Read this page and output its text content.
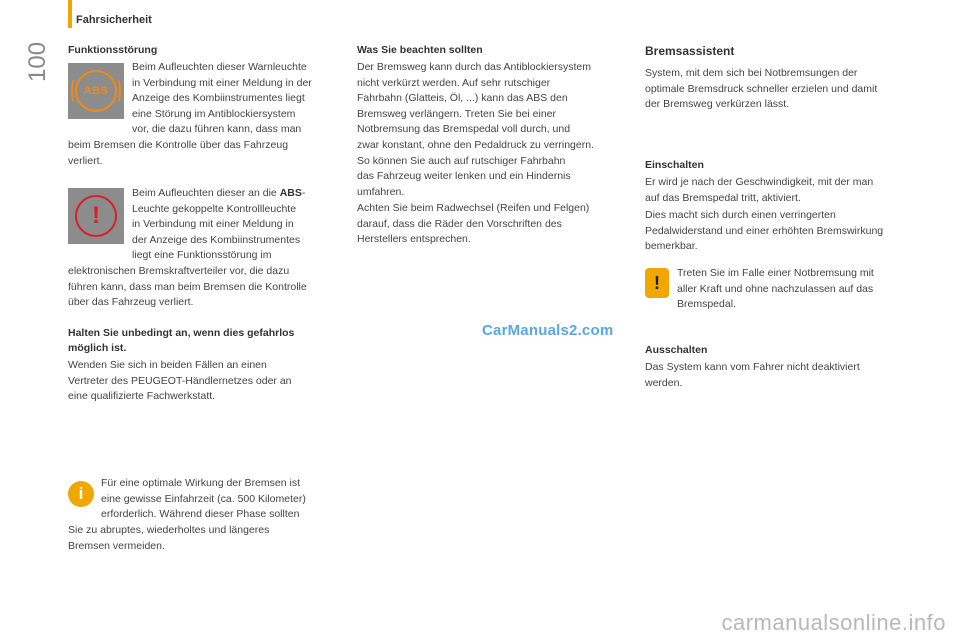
Fahrsicherheit
100	Funktionsstörung
ABS
Beim Aufleuchten dieser Warnleuchte
in Verbindung mit einer Meldung in der
Anzeige des Kombiinstrumentes liegt
eine Störung im Antiblockiersystem
vor, die dazu führen kann, dass man
beim Bremsen die Kontrolle über das Fahrzeug
verliert.
!
Beim Aufleuchten dieser an die ABS-
Leuchte gekoppelte Kontrollleuchte
in Verbindung mit einer Meldung in
der Anzeige des Kombiinstrumentes
liegt eine Funktionsstörung im
elektronischen Bremskraftverteiler vor, die dazu
führen kann, dass man beim Bremsen die Kontrolle
über das Fahrzeug verliert.
Halten Sie unbedingt an, wenn dies gefahrlos
möglich ist.
Wenden Sie sich in beiden Fällen an einen
Vertreter des PEUGEOT-Händlernetzes oder an
eine qualifizierte Fachwerkstatt.
i
Für eine optimale Wirkung der Bremsen ist
eine gewisse Einfahrzeit (ca. 500 Kilometer)
erforderlich. Während dieser Phase sollten
Sie zu abruptes, wiederholtes und längeres
Bremsen vermeiden.
Was Sie beachten sollten
Der Bremsweg kann durch das Antiblockiersystem
nicht verkürzt werden. Auf sehr rutschiger
Fahrbahn (Glatteis, Öl, ...) kann das ABS den
Bremsweg verlängern. Treten Sie bei einer
Notbremsung das Bremspedal voll durch, und
zwar konstant, ohne den Pedaldruck zu verringern.
So können Sie auch auf rutschiger Fahrbahn
das Fahrzeug weiter lenken und ein Hindernis
umfahren.
Achten Sie beim Radwechsel (Reifen und Felgen)
darauf, dass die Räder den Vorschriften des
Herstellers entsprechen.
CarManuals2.com
Bremsassistent
System, mit dem sich bei Notbremsungen der
optimale Bremsdruck schneller erzielen und damit
der Bremsweg verkürzen lässt.
Einschalten
Er wird je nach der Geschwindigkeit, mit der man
auf das Bremspedal tritt, aktiviert.
Dies macht sich durch einen verringerten
Pedalwiderstand und einer erhöhten Bremswirkung
bemerkbar.
!	Treten Sie im Falle einer Notbremsung mit
aller Kraft und ohne nachzulassen auf das
Bremspedal.
Ausschalten
Das System kann vom Fahrer nicht deaktiviert
werden.
carmanualsonline.info
